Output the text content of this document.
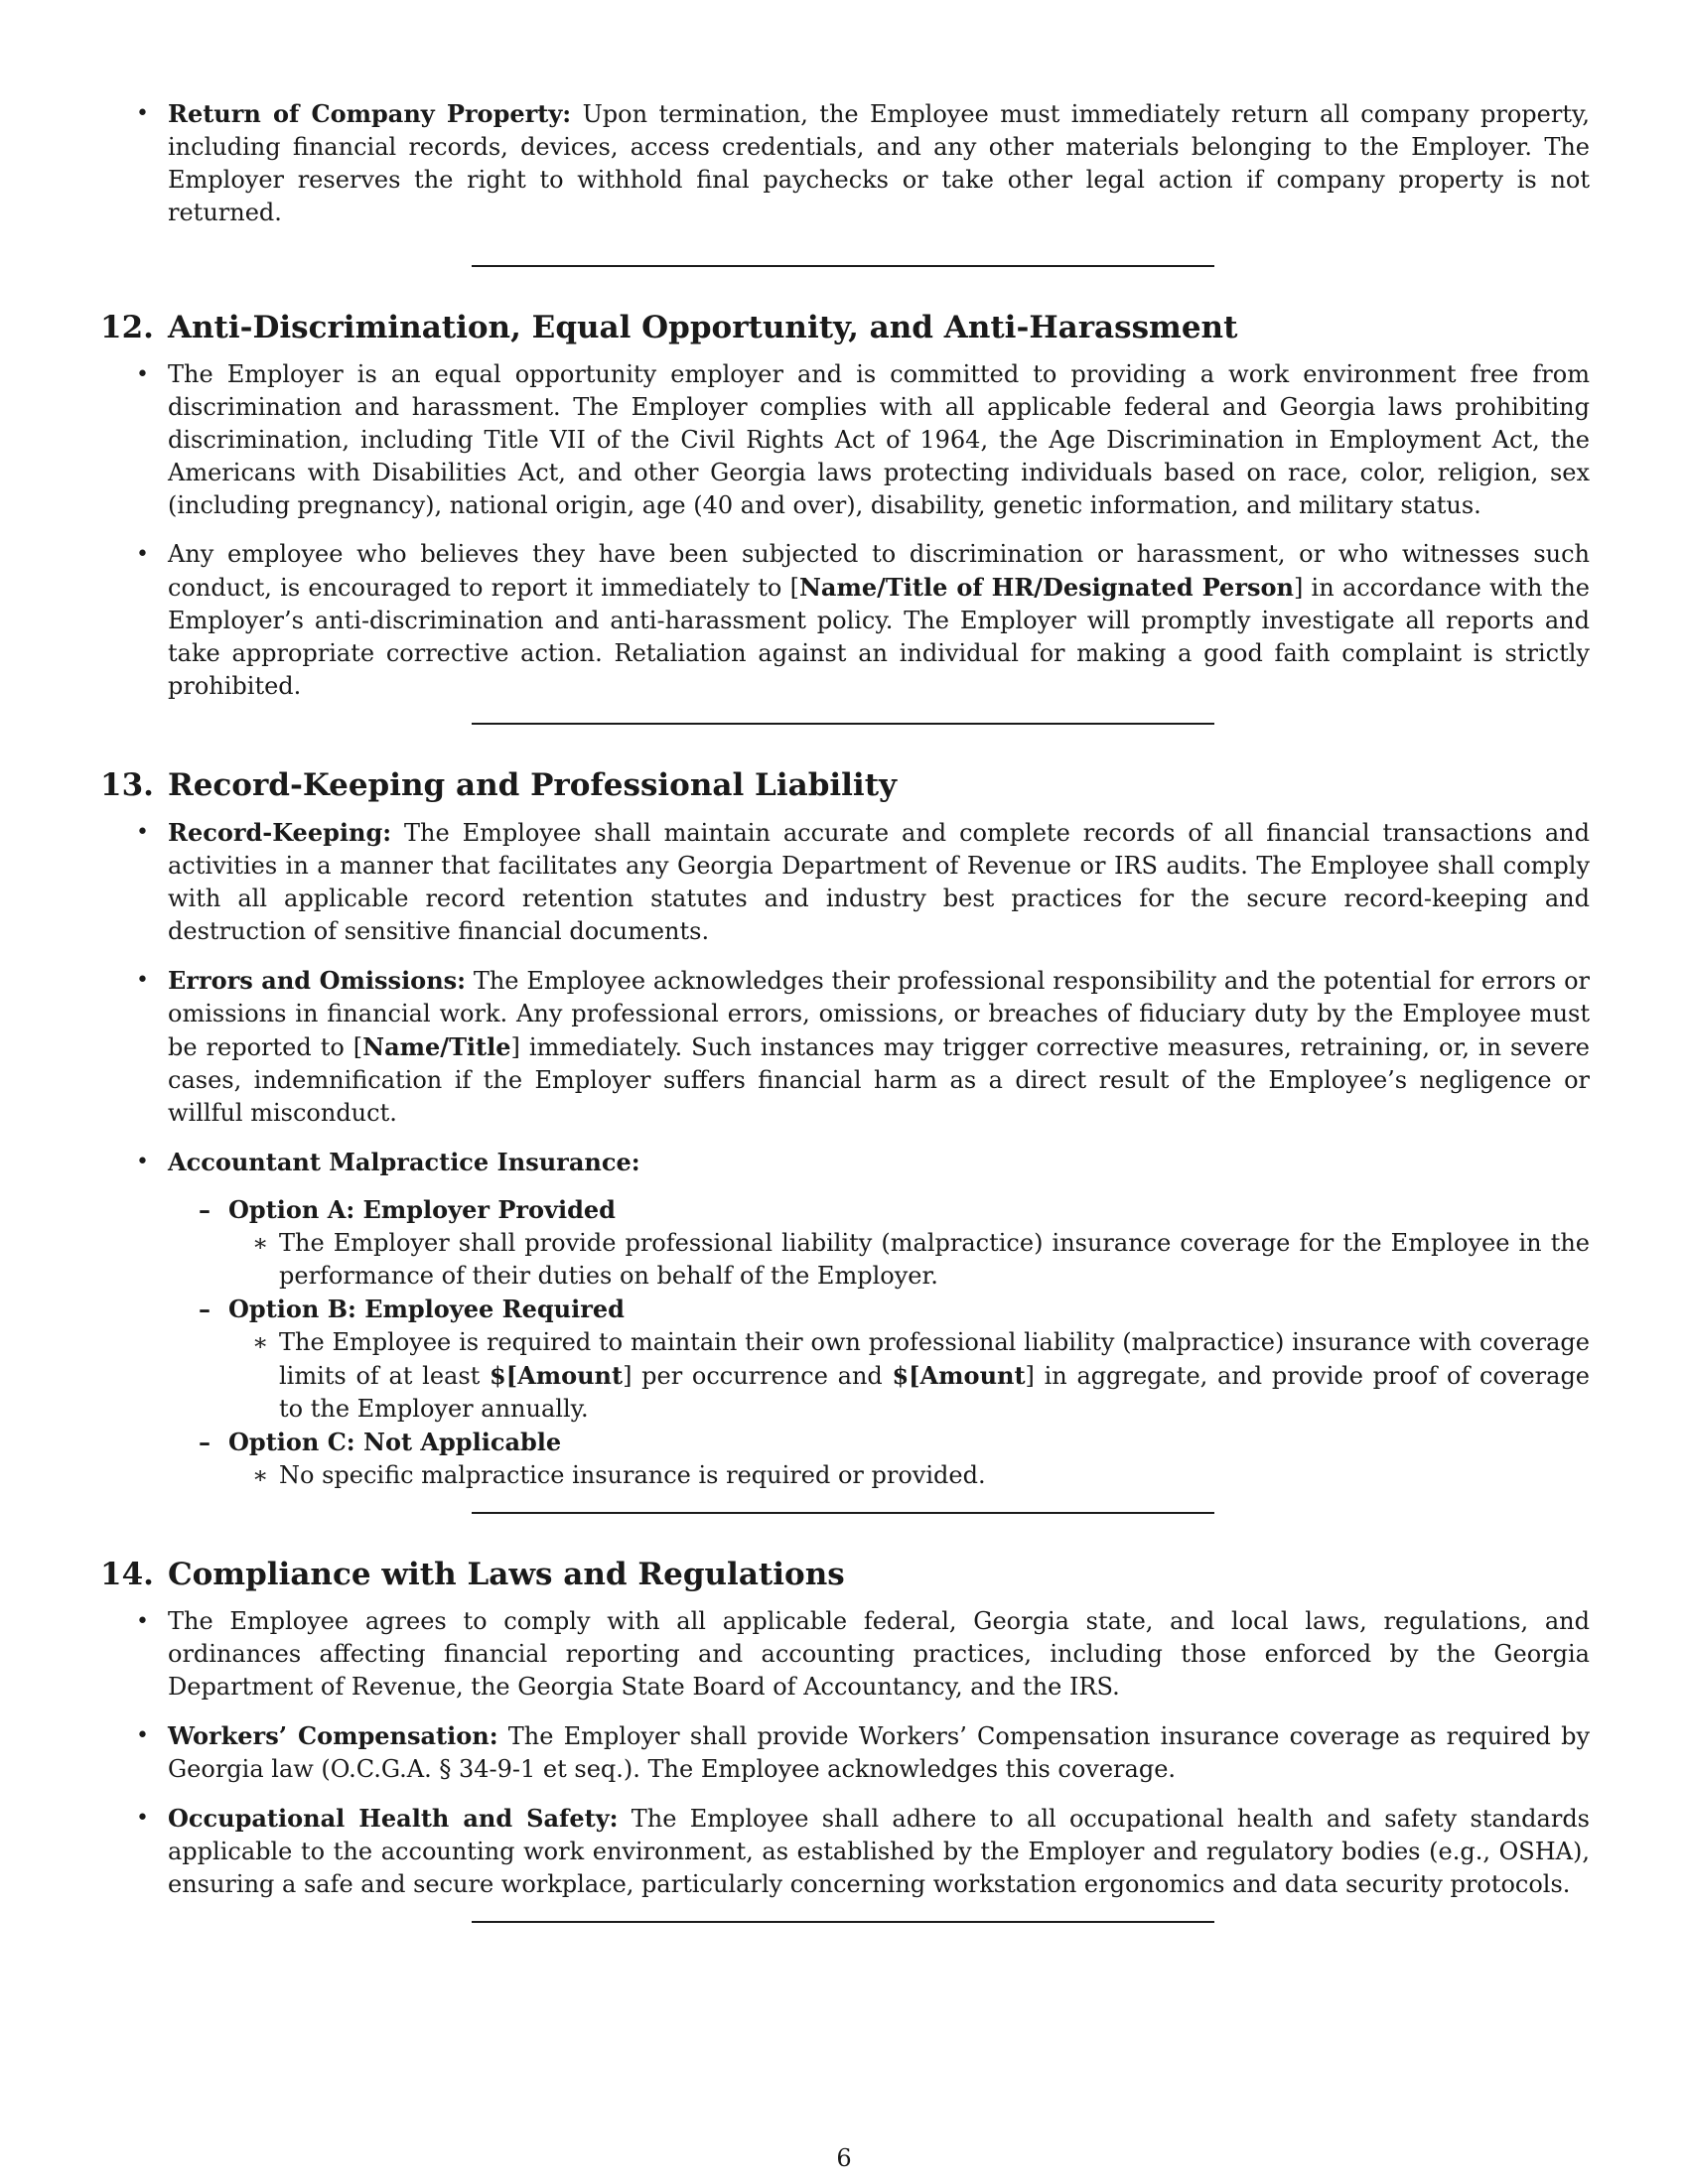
• Return of Company Property: Upon termination, the Employee must immediately return all company property, including financial records, devices, access credentials, and any other materials belonging to the Employer. The Employer reserves the right to withhold final paychecks or take other legal action if company property is not returned.
12. Anti-Discrimination, Equal Opportunity, and Anti-Harassment
• The Employer is an equal opportunity employer and is committed to providing a work environment free from discrimination and harassment. The Employer complies with all applicable federal and Georgia laws prohibiting discrimination, including Title VII of the Civil Rights Act of 1964, the Age Discrimination in Employment Act, the Americans with Disabilities Act, and other Georgia laws protecting individuals based on race, color, religion, sex (including pregnancy), national origin, age (40 and over), disability, genetic information, and military status.
• Any employee who believes they have been subjected to discrimination or harassment, or who witnesses such conduct, is encouraged to report it immediately to [Name/Title of HR/Designated Person] in accordance with the Employer’s anti-discrimination and anti-harassment policy. The Employer will promptly investigate all reports and take appropriate corrective action. Retaliation against an individual for making a good faith complaint is strictly prohibited.
13. Record-Keeping and Professional Liability
• Record-Keeping: The Employee shall maintain accurate and complete records of all financial transactions and activities in a manner that facilitates any Georgia Department of Revenue or IRS audits. The Employee shall comply with all applicable record retention statutes and industry best practices for the secure record-keeping and destruction of sensitive financial documents.
• Errors and Omissions: The Employee acknowledges their professional responsibility and the potential for errors or omissions in financial work. Any professional errors, omissions, or breaches of fiduciary duty by the Employee must be reported to [Name/Title] immediately. Such instances may trigger corrective measures, retraining, or, in severe cases, indemnification if the Employer suffers financial harm as a direct result of the Employee’s negligence or willful misconduct.
• Accountant Malpractice Insurance:
– Option A: Employer Provided
∗ The Employer shall provide professional liability (malpractice) insurance coverage for the Employee in the performance of their duties on behalf of the Employer.
– Option B: Employee Required
∗ The Employee is required to maintain their own professional liability (malpractice) insurance with coverage limits of at least $[Amount] per occurrence and $[Amount] in aggregate, and provide proof of coverage to the Employer annually.
– Option C: Not Applicable
∗ No specific malpractice insurance is required or provided.
14. Compliance with Laws and Regulations
• The Employee agrees to comply with all applicable federal, Georgia state, and local laws, regulations, and ordinances affecting financial reporting and accounting practices, including those enforced by the Georgia Department of Revenue, the Georgia State Board of Accountancy, and the IRS.
• Workers’ Compensation: The Employer shall provide Workers’ Compensation insurance coverage as required by Georgia law (O.C.G.A. § 34-9-1 et seq.). The Employee acknowledges this coverage.
• Occupational Health and Safety: The Employee shall adhere to all occupational health and safety standards applicable to the accounting work environment, as established by the Employer and regulatory bodies (e.g., OSHA), ensuring a safe and secure workplace, particularly concerning workstation ergonomics and data security protocols.
6
